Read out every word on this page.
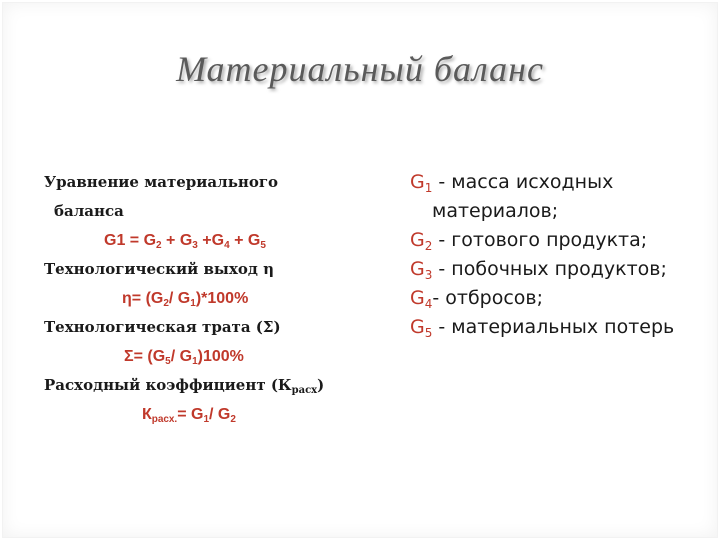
Материальный баланс
Уравнение материального
баланса
$G1 = G_2 + G_3 +G_4 + G_5$
Технологический выход η
$\eta= (G_2/$ $G_1)*100\%$
Технологическая трата (Σ)
$\Sigma= (G_5/$ $G_1)100\%$
Расходный коэффициент $(К_{расх})$
$К_{расх.}= G_1/$ $G_2$
$G_1$ - масса исходных
материалов;
$G_2$ - готового продукта;
$G_3$ - побочных продуктов;
$G_4-$ отбросов;
$G_5$ - материальных потерь
